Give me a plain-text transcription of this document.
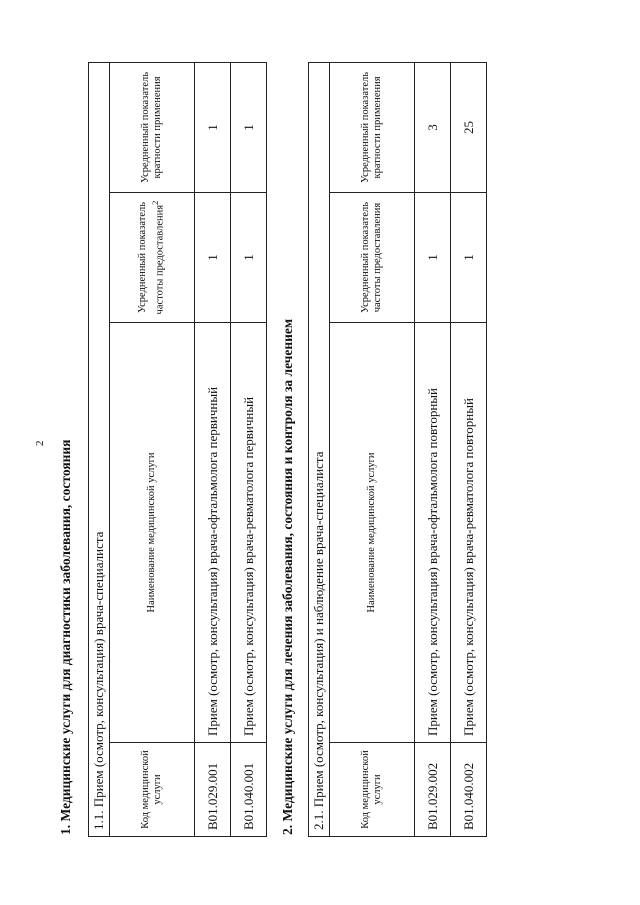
2 1. Медицинские услуги для диагностики заболевания, состояния 1.1. Прием (осмотр, консультация) врача-специалиста			
Код медицинской услуги	Наименование медицинской услуги	Усредненный показатель частоты предоставления$^2$	Усредненный показатель кратности применения
B01.029.001	Прием (осмотр, консультация) врача-офтальмолога первичный	1	1
B01.040.001	Прием (осмотр, консультация) врача-ревматолога первичный	1	1
2. Медицинские услуги для лечения заболевания, состояния и контроля за лечением 2.1. Прием (осмотр, консультация) и наблюдение врача-специалиста			
Код медицинской услуги	Наименование медицинской услуги	Усредненный показатель частоты предоставления	Усредненный показатель кратности применения
B01.029.002	Прием (осмотр, консультация) врача-офтальмолога повторный	1	3
B01.040.002	Прием (осмотр, консультация) врача-ревматолога повторный	1	25
